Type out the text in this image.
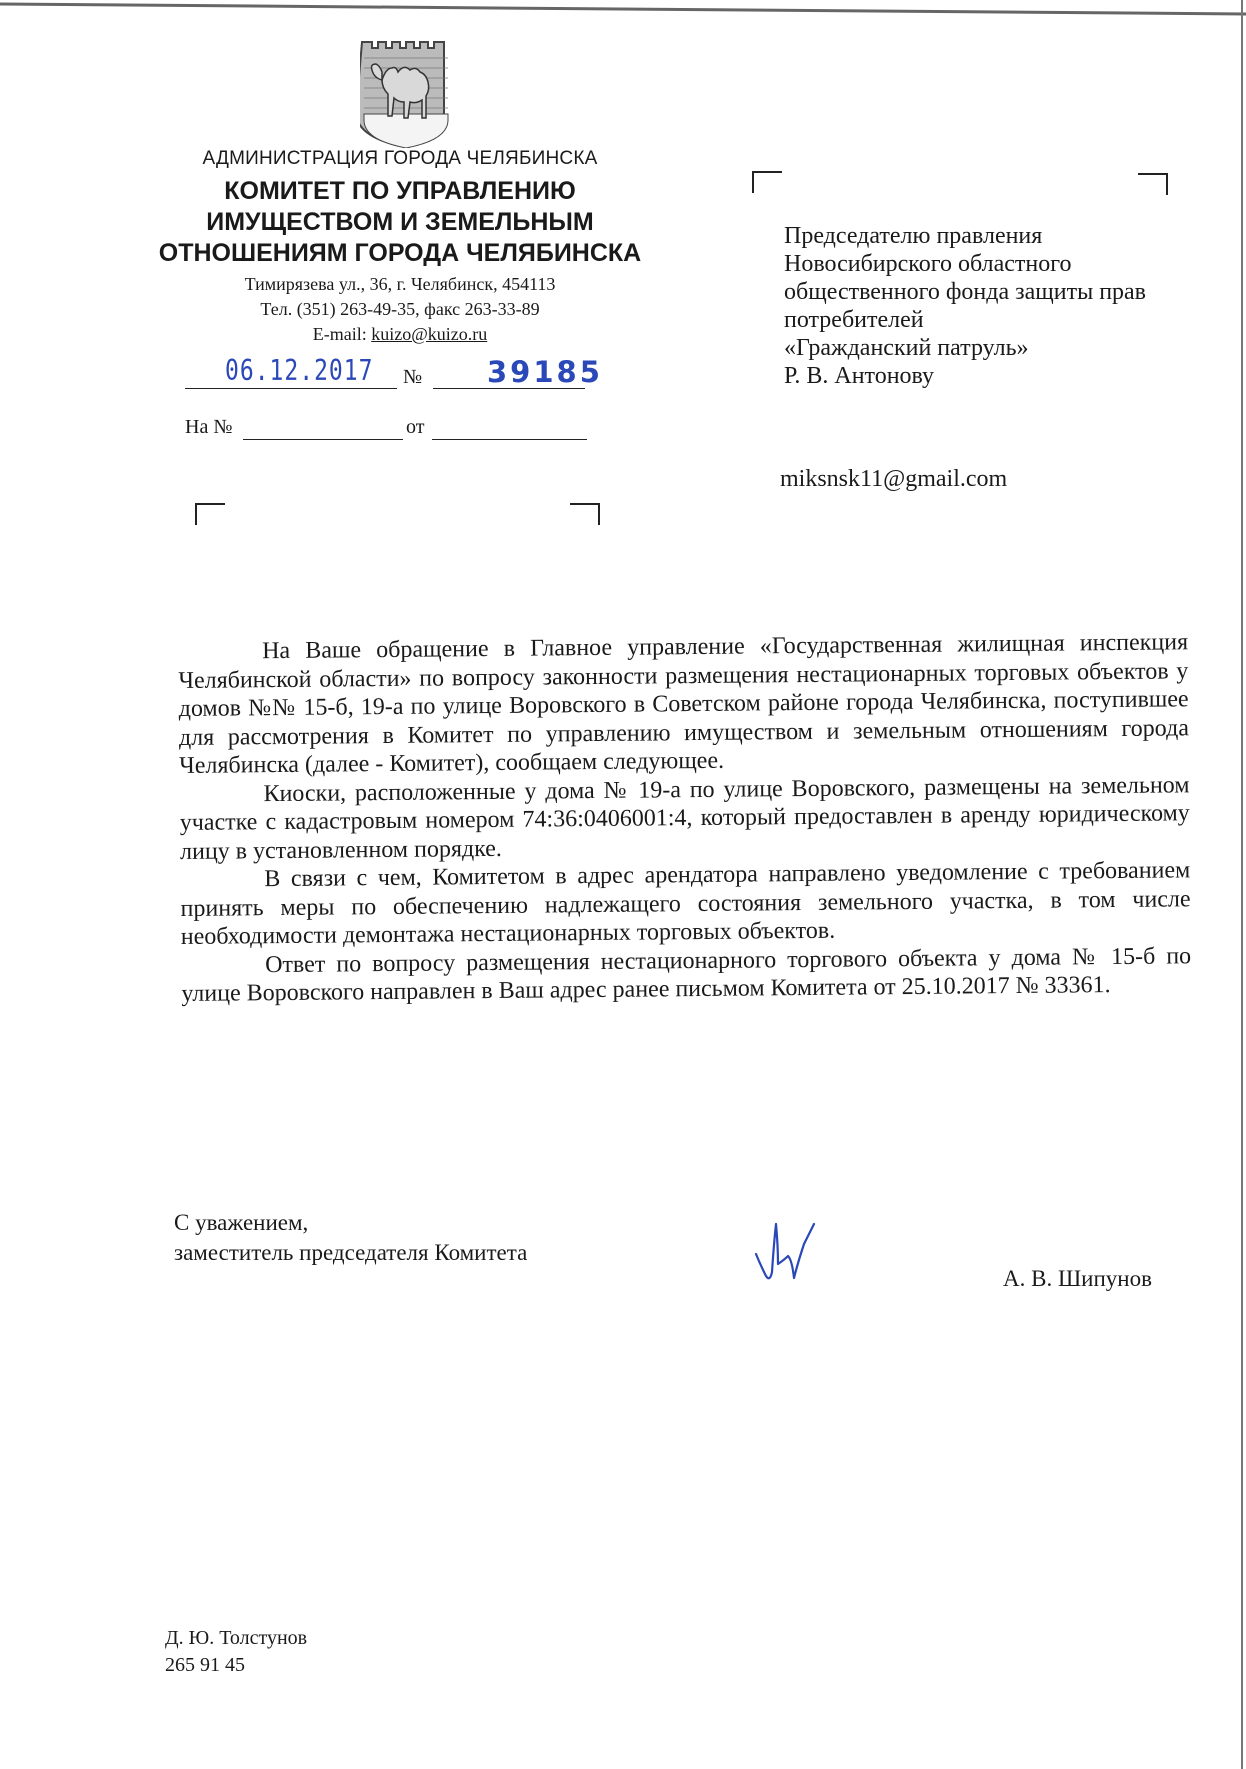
АДМИНИСТРАЦИЯ ГОРОДА ЧЕЛЯБИНСКА
КОМИТЕТ ПО УПРАВЛЕНИЮ
ИМУЩЕСТВОМ И ЗЕМЕЛЬНЫМ
ОТНОШЕНИЯМ ГОРОДА ЧЕЛЯБИНСКА
Тимирязева ул., 36, г. Челябинск, 454113
Тел. (351) 263-49-35, факс 263-33-89
E-mail: kuizo@kuizo.ru
06.12.2017 № 39185
На №	от
Председателю правления
Новосибирского областного
общественного фонда защиты прав
потребителей
«Гражданский патруль»
Р. В. Антонову
miksnsk11@gmail.com

На Ваше обращение в Главное управление «Государственная жилищная инспекция Челябинской области» по вопросу законности размещения нестационарных торговых объектов у домов №№ 15-б, 19-а по улице Воровского в Советском районе города Челябинска, поступившее для рассмотрения в Комитет по управлению имуществом и земельным отношениям города Челябинска (далее - Комитет), сообщаем следующее.

Киоски, расположенные у дома № 19-а по улице Воровского, размещены на земельном участке с кадастровым номером 74:36:0406001:4, который предоставлен в аренду юридическому лицу в установленном порядке.

В связи с чем, Комитетом в адрес арендатора направлено уведомление с требованием принять меры по обеспечению надлежащего состояния земельного участка, в том числе необходимости демонтажа нестационарных торговых объектов.

Ответ по вопросу размещения нестационарного торгового объекта у дома № 15-б по улице Воровского направлен в Ваш адрес ранее письмом Комитета от 25.10.2017 № 33361.

С уважением,
заместитель председателя Комитета
А. В. Шипунов
Д. Ю. Толстунов
265 91 45
